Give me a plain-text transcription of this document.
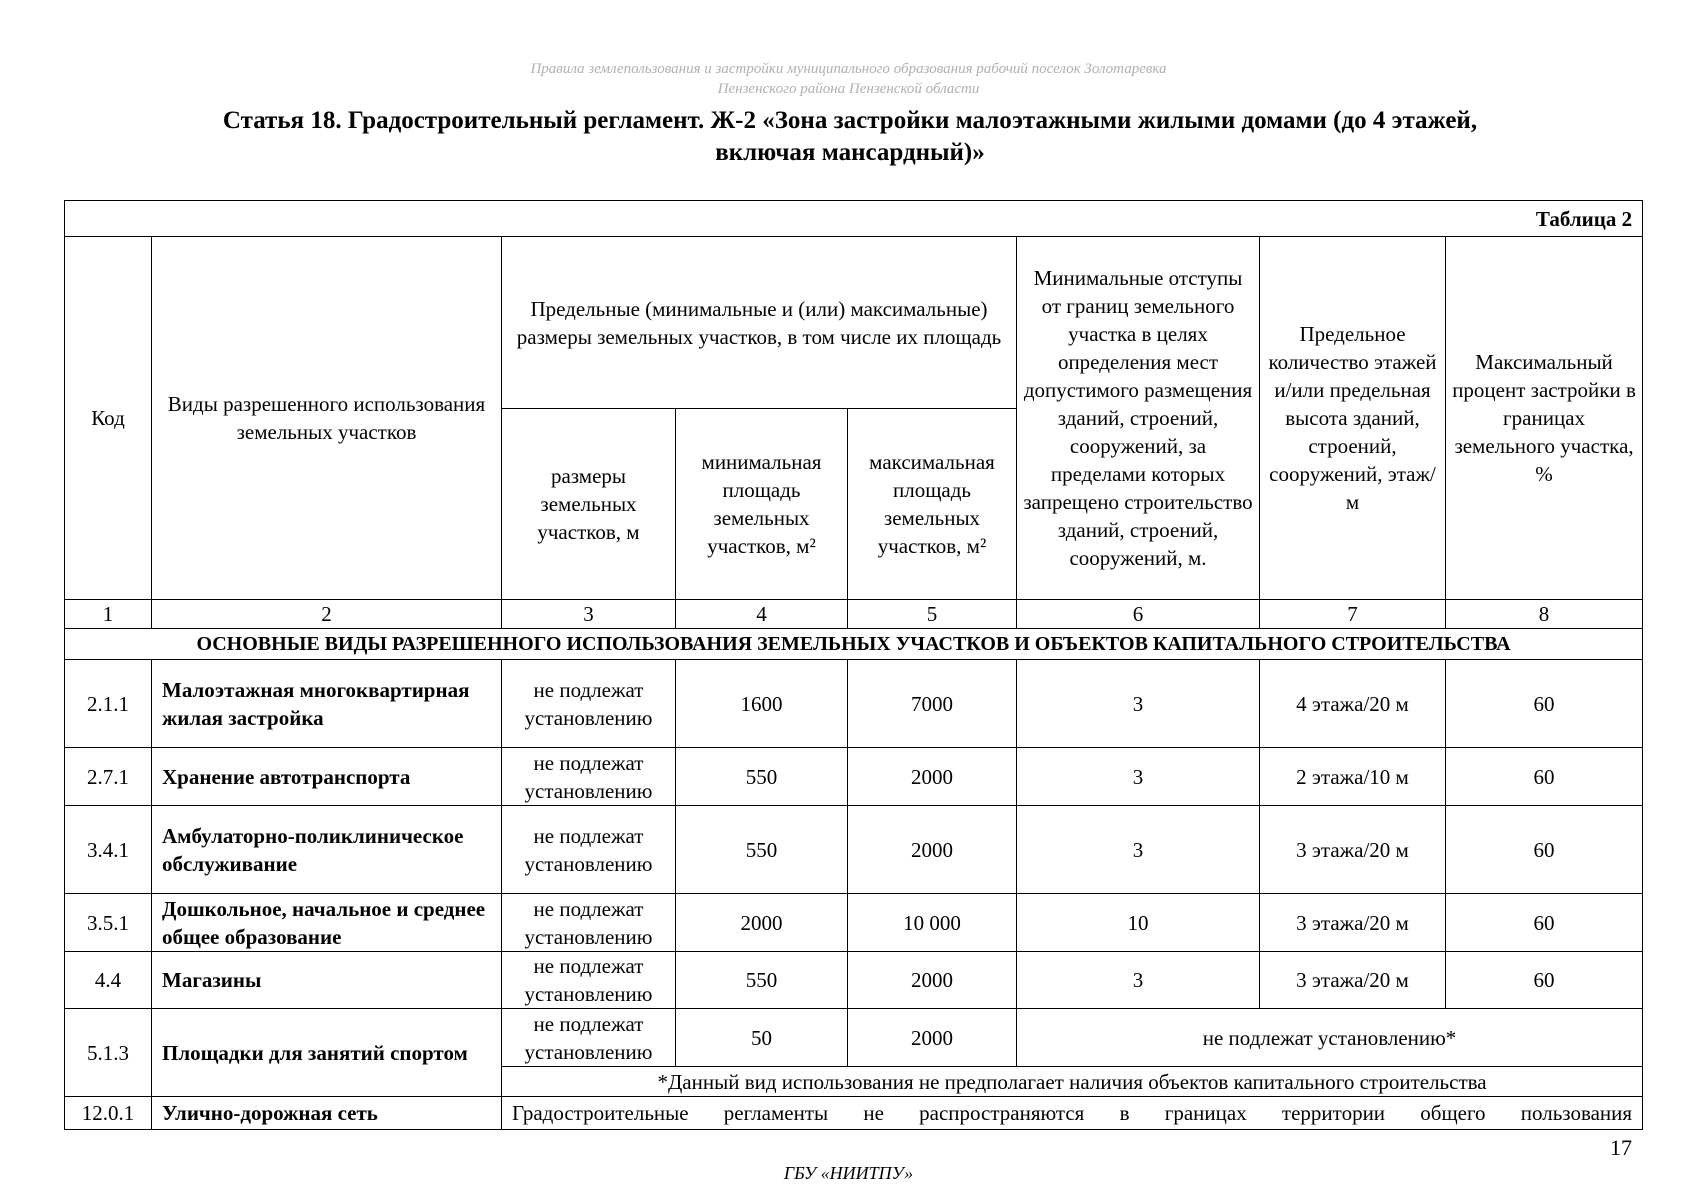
Правила землепользования и застройки муниципального образования рабочий поселок Золотаревка
Пензенского района Пензенской области
Статья 18. Градостроительный регламент. Ж-2 «Зона застройки малоэтажными жилыми домами (до 4 этажей,
включая мансардный)»
Таблица 2							
Код	Виды разрешенного использования земельных участков	Предельные (минимальные и (или) максимальные) размеры земельных участков, в том числе их площадь			Минимальные отступы от границ земельного участка в целях определения мест допустимого размещения зданий, строений, сооружений, за пределами которых запрещено строительство зданий, строений, сооружений, м.	Предельное количество этажей и/или предельная высота зданий, строений, сооружений, этаж/м	Максимальный процент застройки в границах земельного участка, %
		размеры земельных участков, м	минимальная площадь земельных участков, м²	максимальная площадь земельных участков, м²			
1	2	3	4	5	6	7	8
ОСНОВНЫЕ ВИДЫ РАЗРЕШЕННОГО ИСПОЛЬЗОВАНИЯ ЗЕМЕЛЬНЫХ УЧАСТКОВ И ОБЪЕКТОВ КАПИТАЛЬНОГО СТРОИТЕЛЬСТВА							
2.1.1	Малоэтажная многоквартирная жилая застройка	не подлежат установлению	1600	7000	3	4 этажа/20 м	60
2.7.1	Хранение автотранспорта	не подлежат установлению	550	2000	3	2 этажа/10 м	60
3.4.1	Амбулаторно-поликлиническое обслуживание	не подлежат установлению	550	2000	3	3 этажа/20 м	60
3.5.1	Дошкольное, начальное и среднее общее образование	не подлежат установлению	2000	10 000	10	3 этажа/20 м	60
4.4	Магазины	не подлежат установлению	550	2000	3	3 этажа/20 м	60
5.1.3	Площадки для занятий спортом	не подлежат установлению	50	2000	не подлежат установлению*		
		*Данный вид использования не предполагает наличия объектов капитального строительства					
12.0.1	Улично-дорожная сеть	Градостроительные регламенты не распространяются в границах территории общего пользования					
17
ГБУ «НИИТПУ»
